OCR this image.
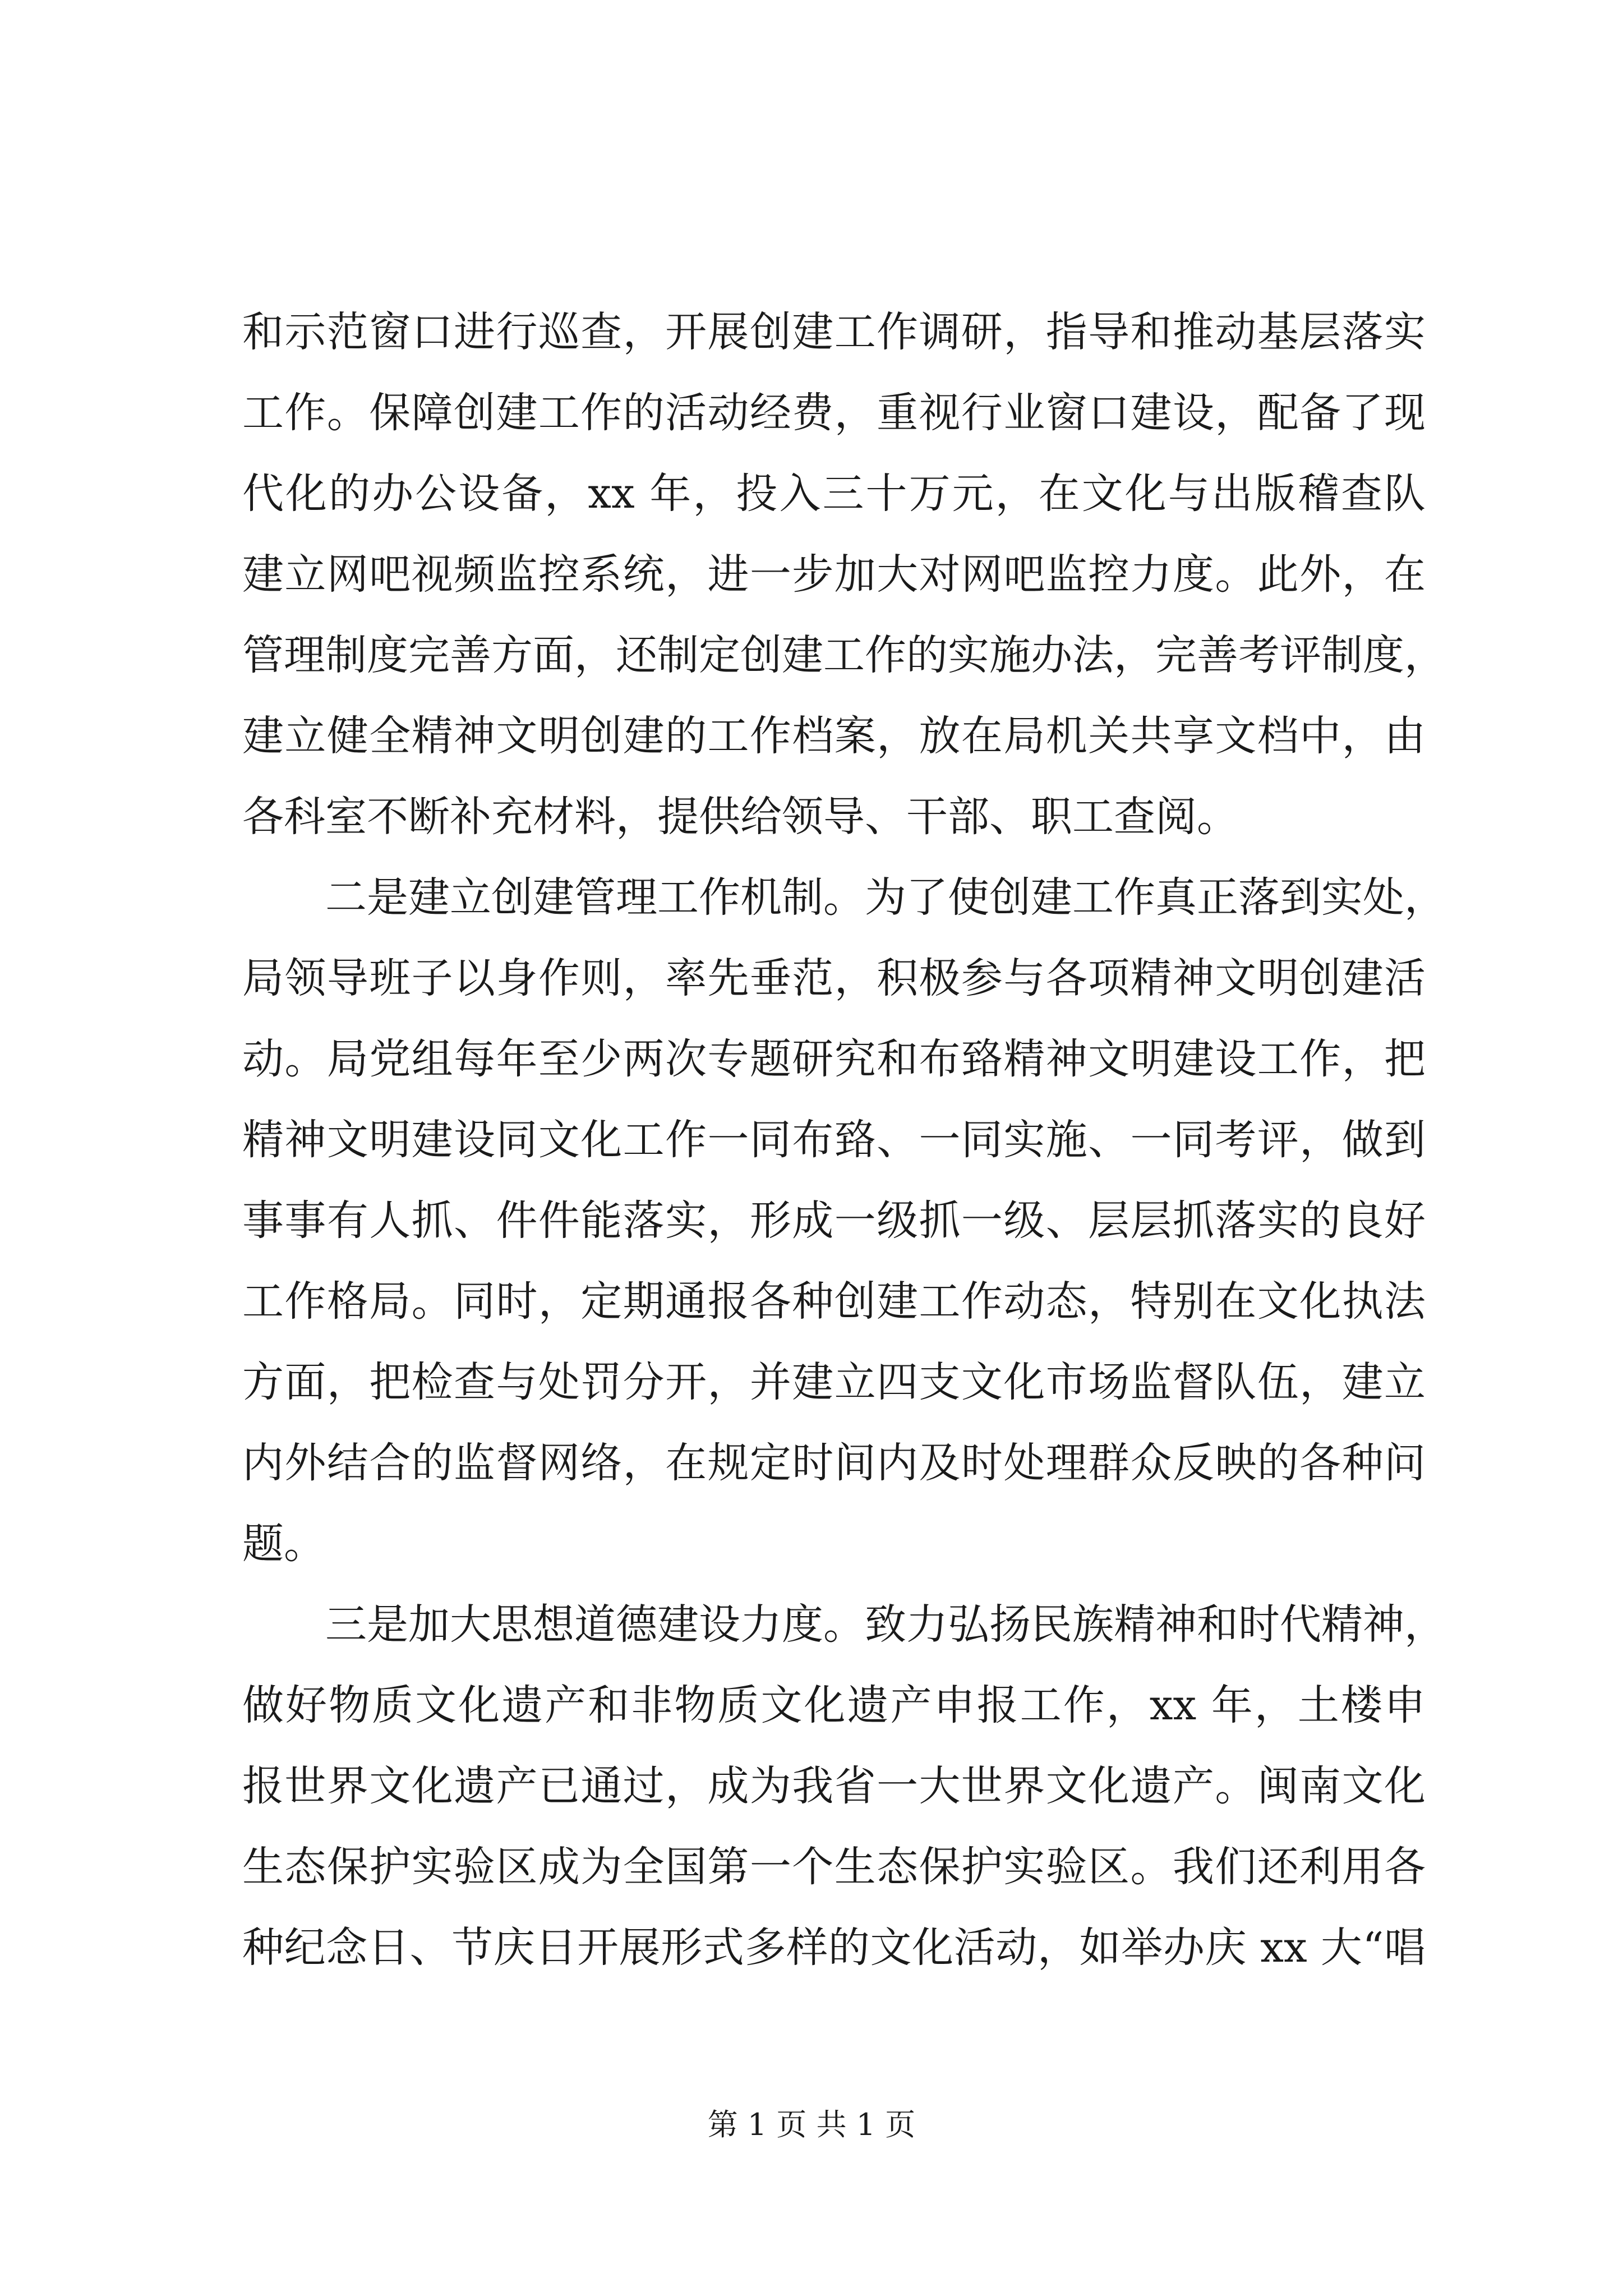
和示范窗口进行巡查，开展创建工作调研，指导和推动基层落实
工作。保障创建工作的活动经费，重视行业窗口建设，配备了现
代化的办公设备，xx 年，投入三十万元，在文化与出版稽查队
建立网吧视频监控系统，进一步加大对网吧监控力度。此外，在
管理制度完善方面，还制定创建工作的实施办法，完善考评制度，
建立健全精神文明创建的工作档案，放在局机关共享文档中，由
各科室不断补充材料，提供给领导、干部、职工查阅。
二是建立创建管理工作机制。为了使创建工作真正落到实处，
局领导班子以身作则，率先垂范，积极参与各项精神文明创建活
动。局党组每年至少两次专题研究和布臵精神文明建设工作，把
精神文明建设同文化工作一同布臵、一同实施、一同考评，做到
事事有人抓、件件能落实，形成一级抓一级、层层抓落实的良好
工作格局。同时，定期通报各种创建工作动态，特别在文化执法
方面，把检查与处罚分开，并建立四支文化市场监督队伍，建立
内外结合的监督网络，在规定时间内及时处理群众反映的各种问
题。
三是加大思想道德建设力度。致力弘扬民族精神和时代精神，
做好物质文化遗产和非物质文化遗产申报工作，xx 年，土楼申
报世界文化遗产已通过，成为我省一大世界文化遗产。闽南文化
生态保护实验区成为全国第一个生态保护实验区。我们还利用各
种纪念日、节庆日开展形式多样的文化活动，如举办庆 xx 大“唱
第 1 页 共 1 页
